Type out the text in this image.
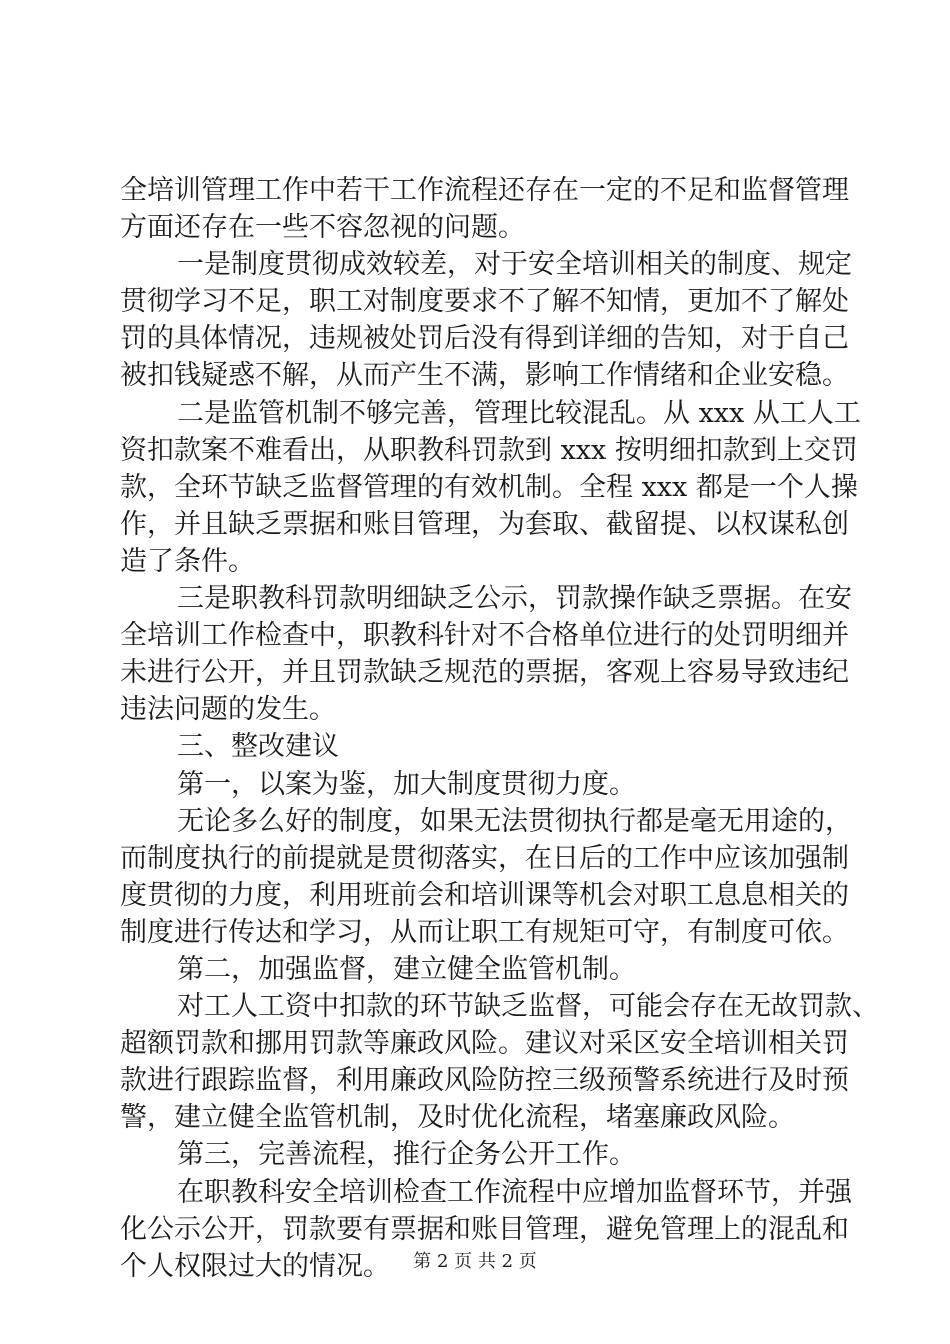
全培训管理工作中若干工作流程还存在一定的不足和监督管理
方面还存在一些不容忽视的问题。
一是制度贯彻成效较差，对于安全培训相关的制度、规定
贯彻学习不足，职工对制度要求不了解不知情，更加不了解处
罚的具体情况，违规被处罚后没有得到详细的告知，对于自己
被扣钱疑惑不解，从而产生不满，影响工作情绪和企业安稳。
二是监管机制不够完善，管理比较混乱。从 xxx 从工人工
资扣款案不难看出，从职教科罚款到 xxx 按明细扣款到上交罚
款，全环节缺乏监督管理的有效机制。全程 xxx 都是一个人操
作，并且缺乏票据和账目管理，为套取、截留提、以权谋私创
造了条件。
三是职教科罚款明细缺乏公示，罚款操作缺乏票据。在安
全培训工作检查中，职教科针对不合格单位进行的处罚明细并
未进行公开，并且罚款缺乏规范的票据，客观上容易导致违纪
违法问题的发生。
三、整改建议
第一，以案为鉴，加大制度贯彻力度。
无论多么好的制度，如果无法贯彻执行都是毫无用途的，
而制度执行的前提就是贯彻落实，在日后的工作中应该加强制
度贯彻的力度，利用班前会和培训课等机会对职工息息相关的
制度进行传达和学习，从而让职工有规矩可守，有制度可依。
第二，加强监督，建立健全监管机制。
对工人工资中扣款的环节缺乏监督，可能会存在无故罚款、
超额罚款和挪用罚款等廉政风险。建议对采区安全培训相关罚
款进行跟踪监督，利用廉政风险防控三级预警系统进行及时预
警，建立健全监管机制，及时优化流程，堵塞廉政风险。
第三，完善流程，推行企务公开工作。
在职教科安全培训检查工作流程中应增加监督环节，并强
化公示公开，罚款要有票据和账目管理，避免管理上的混乱和
个人权限过大的情况。	第 2 页 共 2 页
